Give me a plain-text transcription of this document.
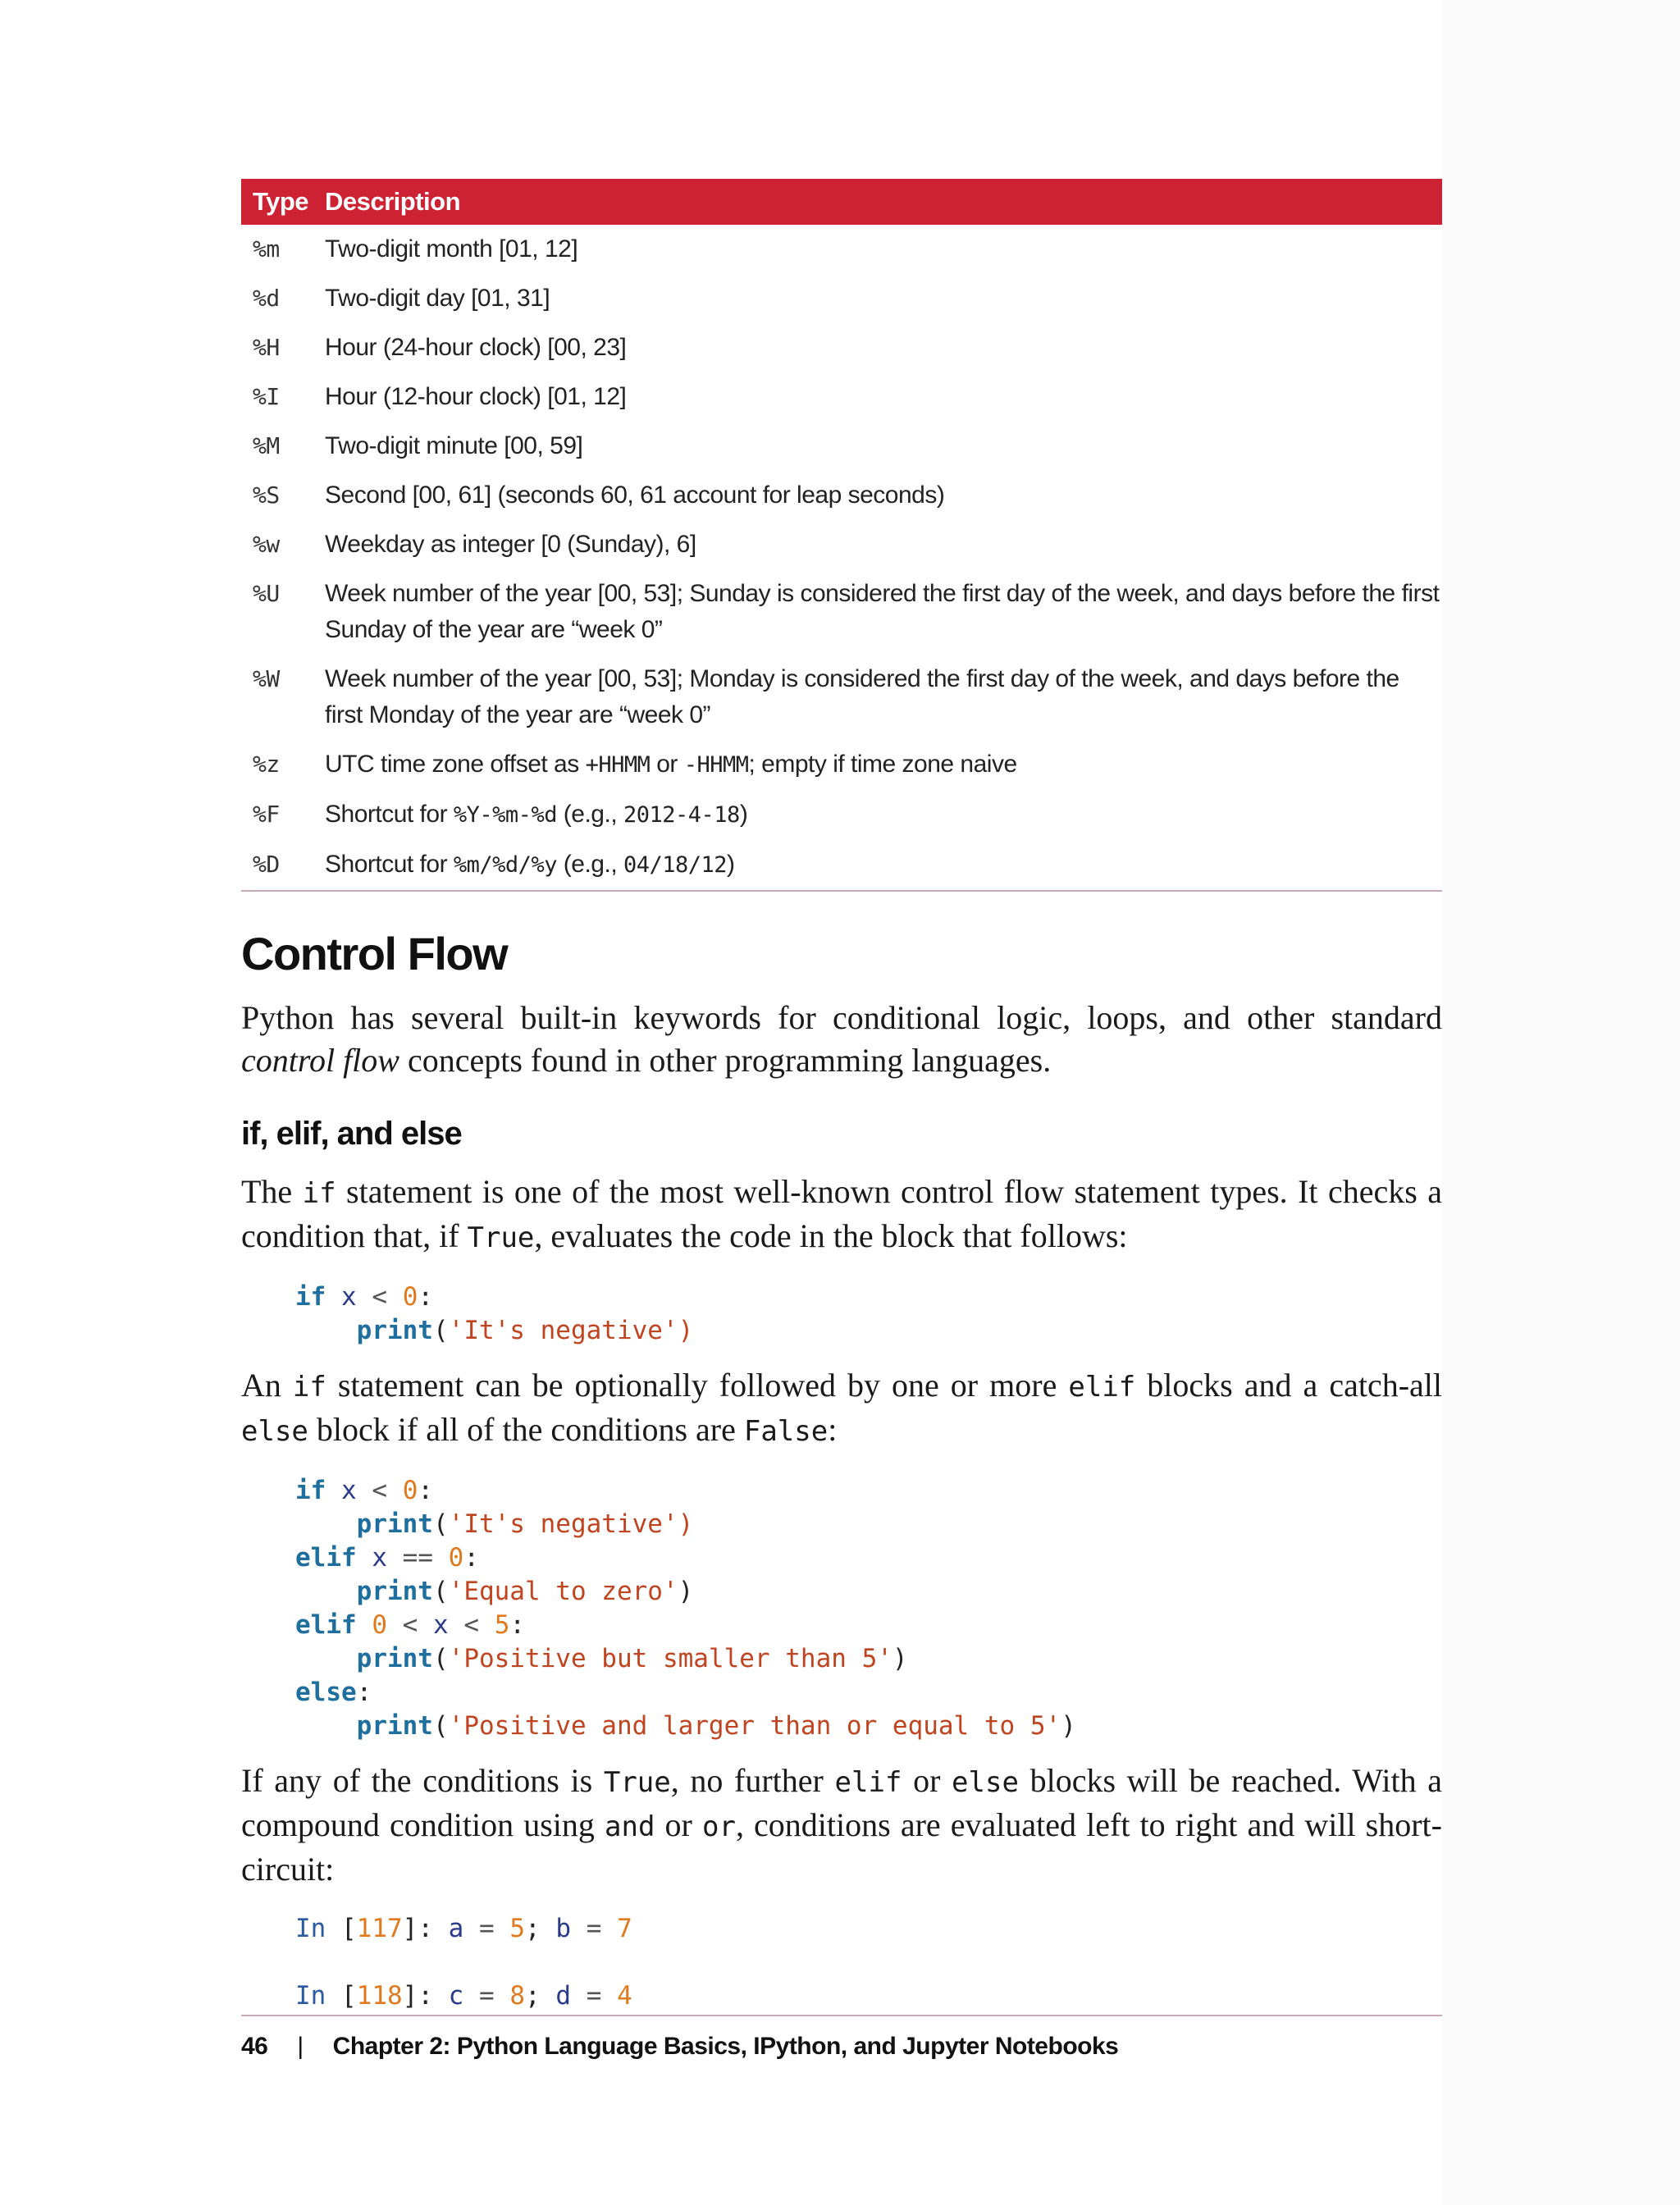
Type	Description
%m	Two-digit month [01, 12]
%d	Two-digit day [01, 31]
%H	Hour (24-hour clock) [00, 23]
%I	Hour (12-hour clock) [01, 12]
%M	Two-digit minute [00, 59]
%S	Second [00, 61] (seconds 60, 61 account for leap seconds)
%w	Weekday as integer [0 (Sunday), 6]
%U	Week number of the year [00, 53]; Sunday is considered the first day of the week, and days before the first Sunday of the year are “week 0”
%W	Week number of the year [00, 53]; Monday is considered the first day of the week, and days before the first Monday of the year are “week 0”
%z	UTC time zone offset as +HHMM or -HHMM; empty if time zone naive
%F	Shortcut for %Y-%m-%d (e.g., 2012-4-18)
%D	Shortcut for %m/%d/%y (e.g., 04/18/12)
Control Flow

Python has several built-in keywords for conditional logic, loops, and other standard control flow concepts found in other programming languages.

if, elif, and else

The if statement is one of the most well-known control flow statement types. It checks a condition that, if True, evaluates the code in the block that follows:

if x < 0:
print('It's negative')

An if statement can be optionally followed by one or more elif blocks and a catch-all else block if all of the conditions are False:

if x < 0:
print('It's negative')
elif x == 0:
print('Equal to zero')
elif 0 < x < 5:
print('Positive but smaller than 5')
else:
print('Positive and larger than or equal to 5')

If any of the conditions is True, no further elif or else blocks will be reached. With a compound condition using and or or, conditions are evaluated left to right and will short-circuit:

In [117]: a = 5; b = 7

In [118]: c = 8; d = 4
46 | Chapter 2: Python Language Basics, IPython, and Jupyter Notebooks
